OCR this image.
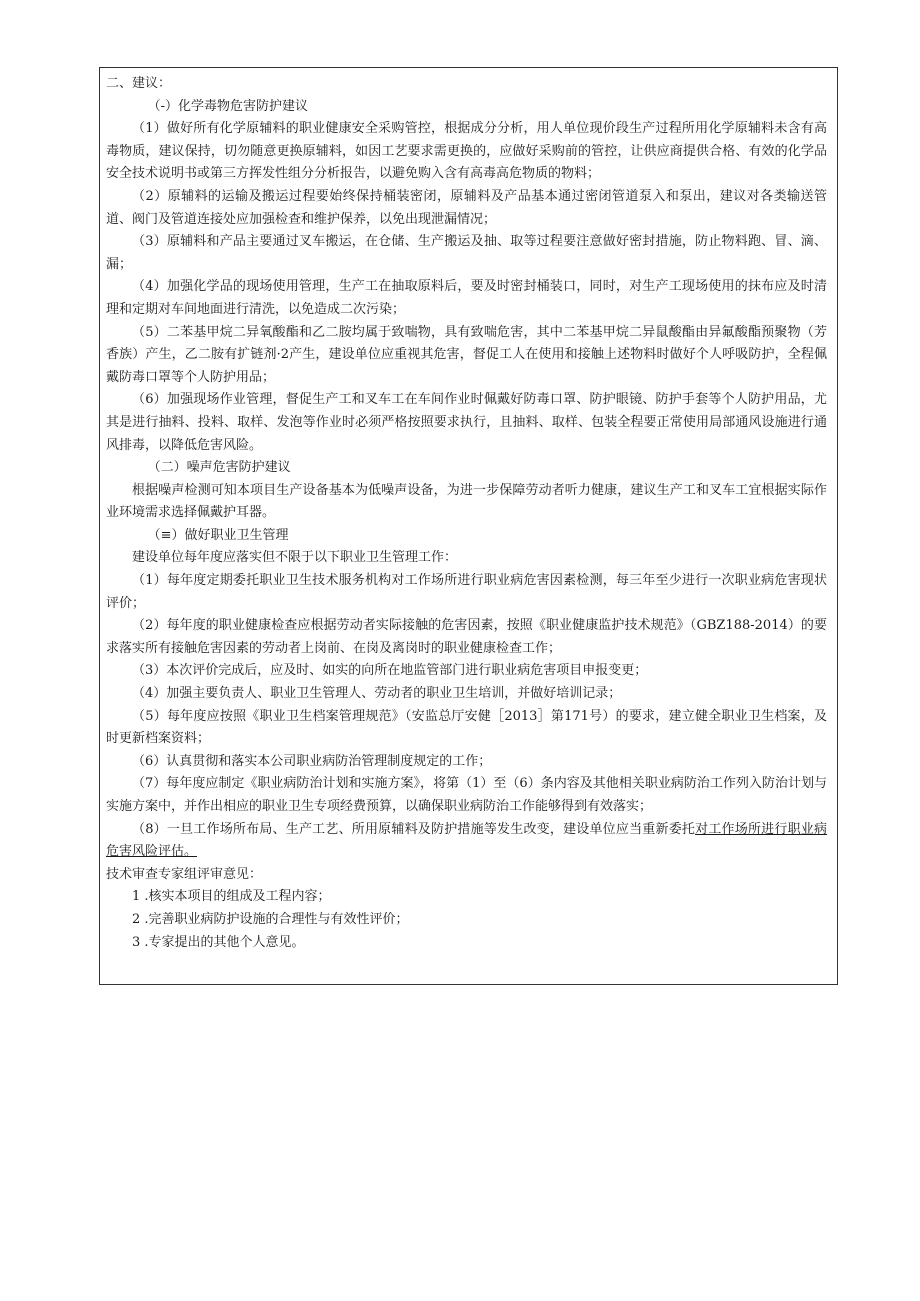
二、建议：

（-）化学毒物危害防护建议

（1）做好所有化学原辅料的职业健康安全采购管控，根据成分分析，用人单位现价段生产过程所用化学原辅料未含有高毒物质，建议保持，切勿随意更换原辅料，如因工艺要求需更换的，应做好采购前的管控，让供应商提供合格、有效的化学品安全技术说明书或第三方挥发性组分分析报告，以避免购入含有高毒高危物质的物料；

（2）原辅料的运输及搬运过程要始终保持桶装密闭，原辅料及产品基本通过密闭管道泵入和泵出，建议对各类输送管道、阀门及管道连接处应加强检查和维护保养，以免出现泄漏情况；

（3）原辅料和产品主要通过叉车搬运，在仓储、生产搬运及抽、取等过程要注意做好密封措施，防止物料跑、冒、滴、漏；

（4）加强化学品的现场使用管理，生产工在抽取原料后，要及时密封桶装口，同时，对生产工现场使用的抹布应及时清理和定期对车间地面进行清洗，以免造成二次污染；

（5）二苯基甲烷二异氧酸酯和乙二胺均属于致喘物，具有致喘危害，其中二苯基甲烷二异鼠酸酯由异氟酸酯预聚物（芳香族）产生，乙二胺有扩链剂·2产生，建设单位应重视其危害，督促工人在使用和接触上述物料时做好个人呼吸防护，全程佩戴防毒口罩等个人防护用品；

（6）加强现场作业管理，督促生产工和叉车工在车间作业时佩戴好防毒口罩、防护眼镜、防护手套等个人防护用品，尤其是进行抽料、投料、取样、发泡等作业时必须严格按照要求执行，且抽料、取样、包装全程要正常使用局部通风设施进行通风排毒，以降低危害风险。

（二）噪声危害防护建议

根据噪声检测可知本项目生产设备基本为低噪声设备，为进一步保障劳动者听力健康，建议生产工和叉车工宜根据实际作业环境需求选择佩戴护耳器。

（≡）做好职业卫生管理

建设单位每年度应落实但不限于以下职业卫生管理工作：

（1）每年度定期委托职业卫生技术服务机构对工作场所进行职业病危害因素检测，每三年至少进行一次职业病危害现状评价；

（2）每年度的职业健康检查应根据劳动者实际接触的危害因素，按照《职业健康监护技术规范》（GBZ188-2014）的要求落实所有接触危害因素的劳动者上岗前、在岗及离岗时的职业健康检查工作；

（3）本次评价完成后，应及时、如实的向所在地监管部门进行职业病危害项目申报变更；

（4）加强主要负责人、职业卫生管理人、劳动者的职业卫生培训，并做好培训记录；

（5）每年度应按照《职业卫生档案管理规范》（安监总厅安健［2013］第171号）的要求，建立健全职业卫生档案，及时更新档案资料；

（6）认真贯彻和落实本公司职业病防治管理制度规定的工作；

（7）每年度应制定《职业病防治计划和实施方案》，将第（1）至（6）条内容及其他相关职业病防治工作列入防治计划与实施方案中，并作出相应的职业卫生专项经费预算，以确保职业病防治工作能够得到有效落实；

（8）一旦工作场所布局、生产工艺、所用原辅料及防护措施等发生改变，建设单位应当重新委托对工作场所进行职业病危害风险评估。

技术审查专家组评审意见：

1 .核实本项目的组成及工程内容；

2 .完善职业病防护设施的合理性与有效性评价；

3 .专家提出的其他个人意见。
